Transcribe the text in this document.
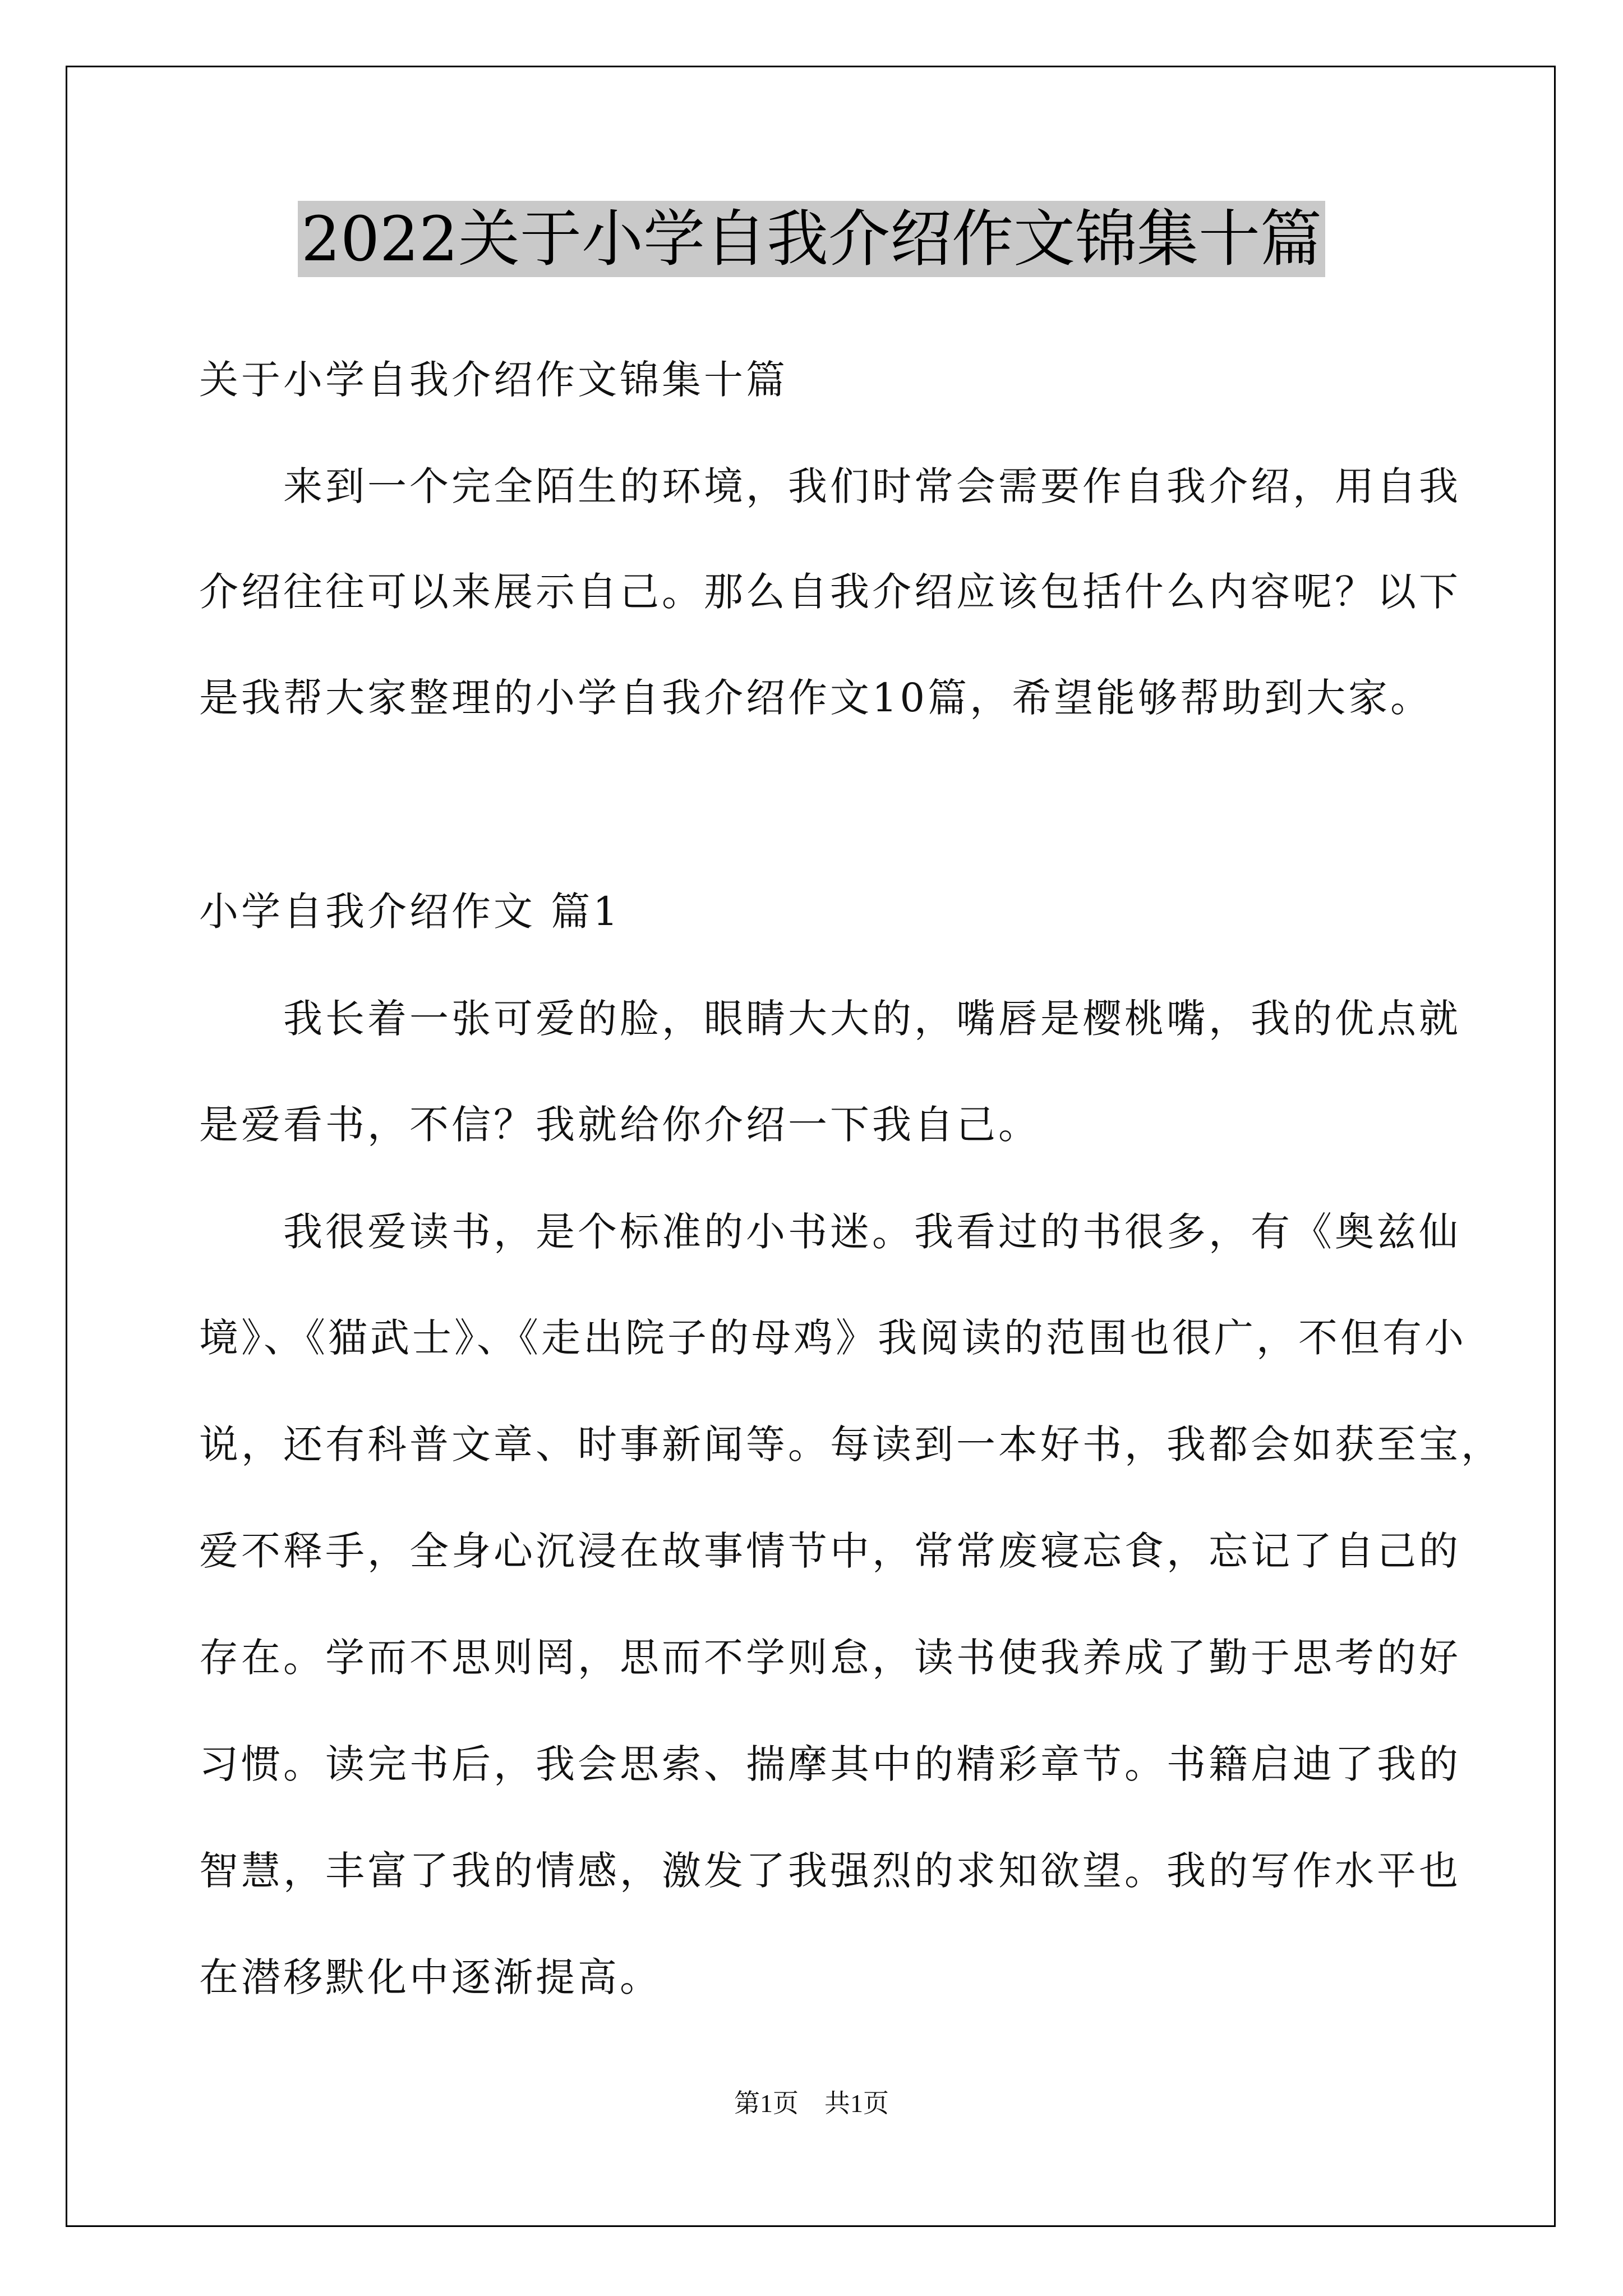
2022关于小学自我介绍作文锦集十篇
关于小学自我介绍作文锦集十篇
　　来到一个完全陌生的环境，我们时常会需要作自我介绍，用自我
介绍往往可以来展示自己。那么自我介绍应该包括什么内容呢？以下
是我帮大家整理的小学自我介绍作文10篇，希望能够帮助到大家。
小学自我介绍作文 篇1
　　我长着一张可爱的脸，眼睛大大的，嘴唇是樱桃嘴，我的优点就
是爱看书，不信？我就给你介绍一下我自己。
　　我很爱读书，是个标准的小书迷。我看过的书很多，有《奥兹仙
境》、《猫武士》、《走出院子的母鸡》我阅读的范围也很广，不但有小
说，还有科普文章、时事新闻等。每读到一本好书，我都会如获至宝，
爱不释手，全身心沉浸在故事情节中，常常废寝忘食，忘记了自己的
存在。学而不思则罔，思而不学则怠，读书使我养成了勤于思考的好
习惯。读完书后，我会思索、揣摩其中的精彩章节。书籍启迪了我的
智慧，丰富了我的情感，激发了我强烈的求知欲望。我的写作水平也
在潜移默化中逐渐提高。
第1页　共1页
